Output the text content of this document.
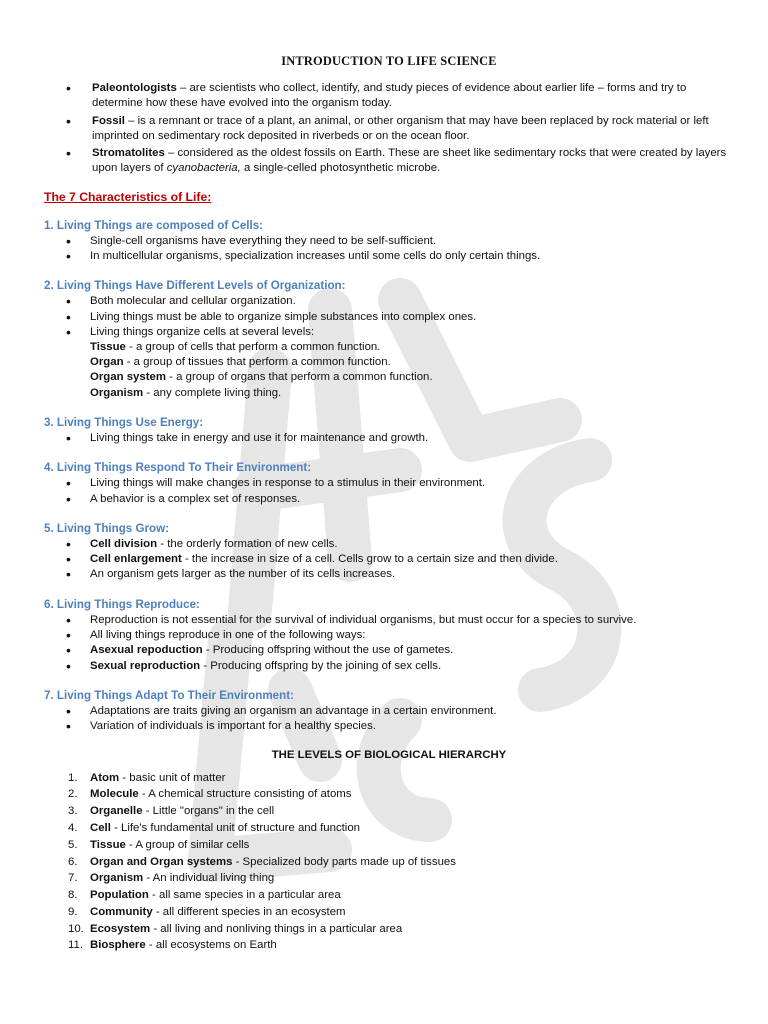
INTRODUCTION TO LIFE SCIENCE
• Paleontologists – are scientists who collect, identify, and study pieces of evidence about earlier life – forms and try to determine how these have evolved into the organism today.
• Fossil – is a remnant or trace of a plant, an animal, or other organism that may have been replaced by rock material or left imprinted on sedimentary rock deposited in riverbeds or on the ocean floor.
• Stromatolites – considered as the oldest fossils on Earth. These are sheet like sedimentary rocks that were created by layers upon layers of cyanobacteria, a single-celled photosynthetic microbe.
The 7 Characteristics of Life:
1. Living Things are composed of Cells:
• Single-cell organisms have everything they need to be self-sufficient.
• In multicellular organisms, specialization increases until some cells do only certain things.
2. Living Things Have Different Levels of Organization:
• Both molecular and cellular organization.
• Living things must be able to organize simple substances into complex ones.
• Living things organize cells at several levels:
Tissue - a group of cells that perform a common function.
Organ - a group of tissues that perform a common function.
Organ system - a group of organs that perform a common function.
Organism - any complete living thing.
3. Living Things Use Energy:
• Living things take in energy and use it for maintenance and growth.
4. Living Things Respond To Their Environment:
• Living things will make changes in response to a stimulus in their environment.
• A behavior is a complex set of responses.
5. Living Things Grow:
• Cell division - the orderly formation of new cells.
• Cell enlargement - the increase in size of a cell. Cells grow to a certain size and then divide.
• An organism gets larger as the number of its cells increases.
6. Living Things Reproduce:
• Reproduction is not essential for the survival of individual organisms, but must occur for a species to survive.
• All living things reproduce in one of the following ways:
• Asexual repoduction - Producing offspring without the use of gametes.
• Sexual reproduction - Producing offspring by the joining of sex cells.
7. Living Things Adapt To Their Environment:
• Adaptations are traits giving an organism an advantage in a certain environment.
• Variation of individuals is important for a healthy species.
THE LEVELS OF BIOLOGICAL HIERARCHY
1. Atom - basic unit of matter
2. Molecule - A chemical structure consisting of atoms
3. Organelle - Little "organs" in the cell
4. Cell - Life's fundamental unit of structure and function
5. Tissue - A group of similar cells
6. Organ and Organ systems - Specialized body parts made up of tissues
7. Organism - An individual living thing
8. Population - all same species in a particular area
9. Community - all different species in an ecosystem
10. Ecosystem - all living and nonliving things in a particular area
11. Biosphere - all ecosystems on Earth
